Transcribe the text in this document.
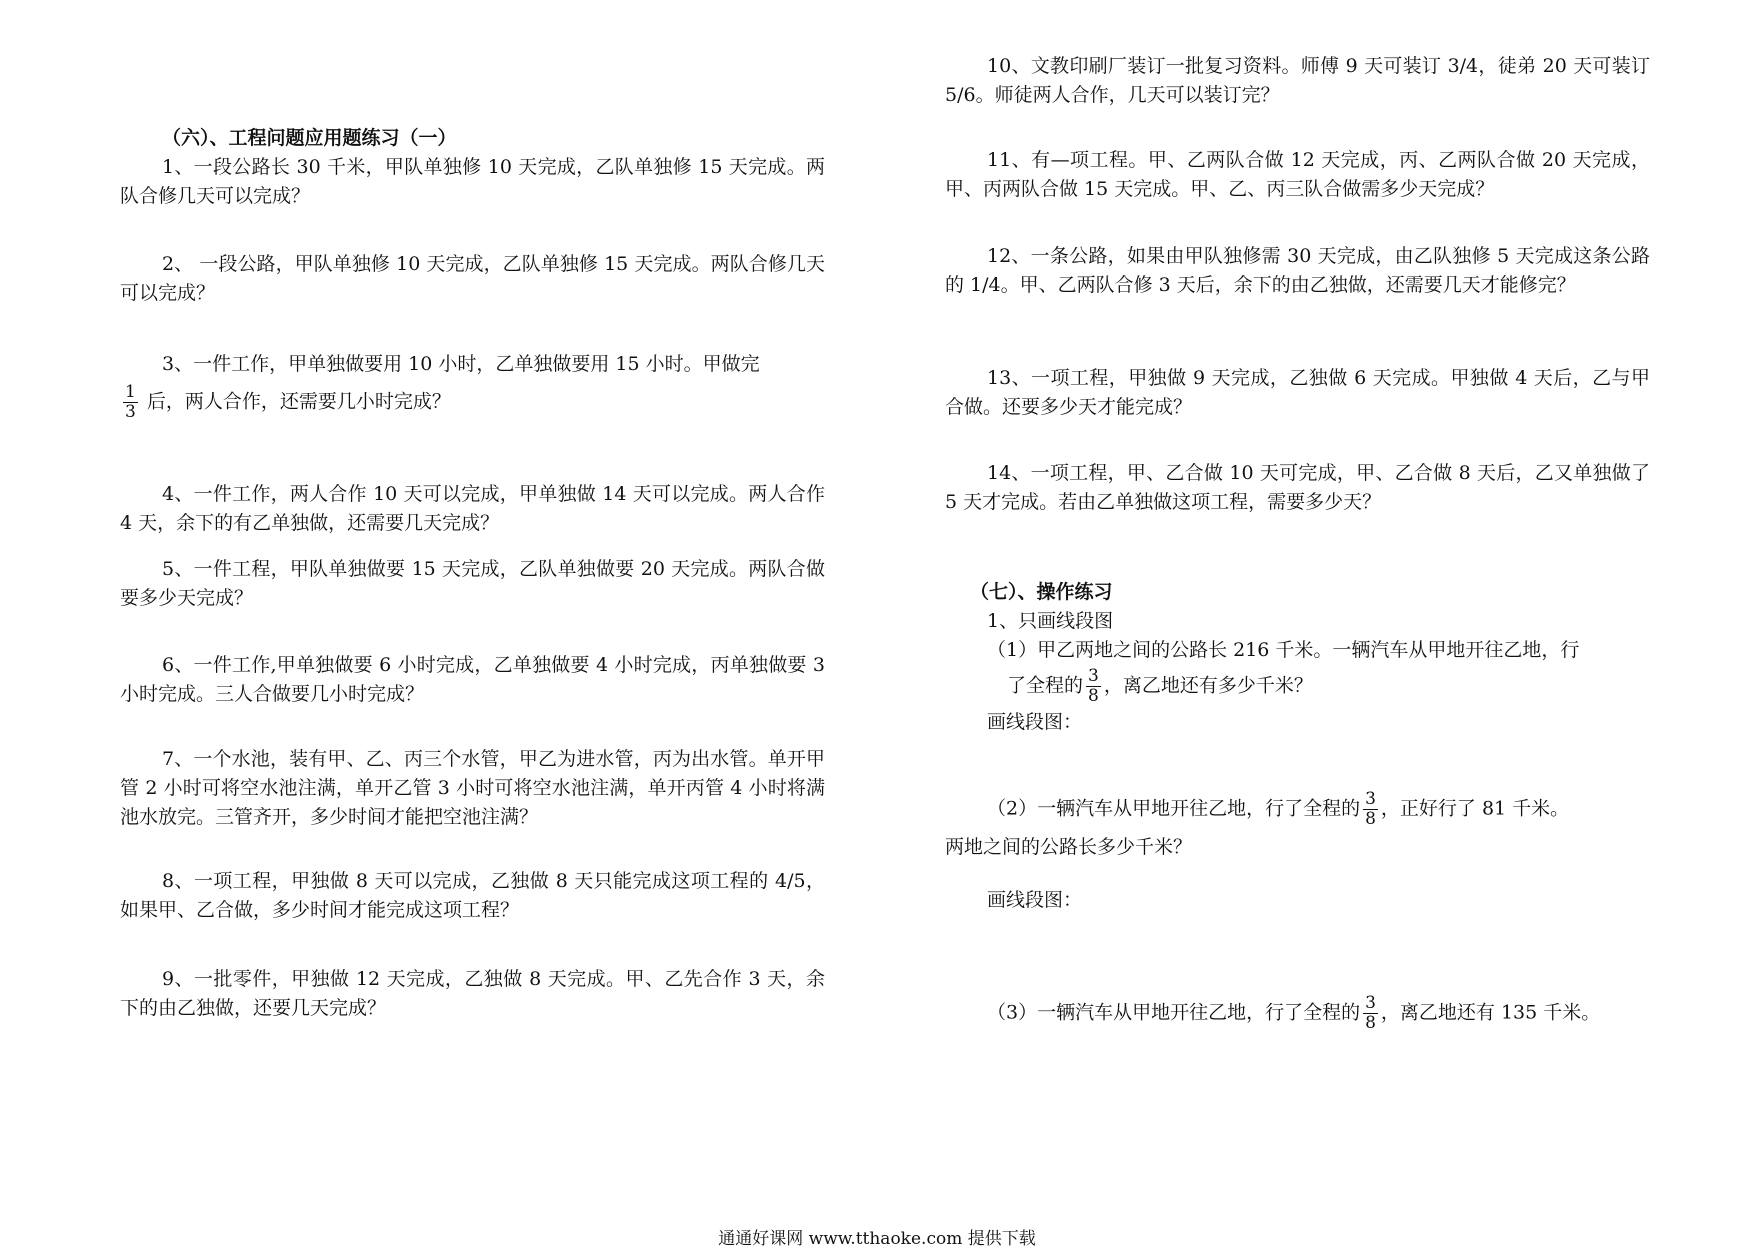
（六）、工程问题应用题练习（一）

1、一段公路长 30 千米，甲队单独修 10 天完成，乙队单独修 15 天完成。两队合修几天可以完成？

2、 一段公路，甲队单独修 10 天完成，乙队单独修 15 天完成。两队合修几天可以完成？

3、一件工作，甲单独做要用 10 小时，乙单独做要用 15 小时。甲做完

$\frac{1}{3}$ 后，两人合作，还需要几小时完成？

4、一件工作，两人合作 10 天可以完成，甲单独做 14 天可以完成。两人合作 4 天，余下的有乙单独做，还需要几天完成？

5、一件工程，甲队单独做要 15 天完成，乙队单独做要 20 天完成。两队合做要多少天完成？

6、一件工作,甲单独做要 6 小时完成，乙单独做要 4 小时完成，丙单独做要 3 小时完成。三人合做要几小时完成？

7、一个水池，装有甲、乙、丙三个水管，甲乙为进水管，丙为出水管。单开甲管 2 小时可将空水池注满，单开乙管 3 小时可将空水池注满，单开丙管 4 小时将满池水放完。三管齐开，多少时间才能把空池注满？

8、一项工程，甲独做 8 天可以完成，乙独做 8 天只能完成这项工程的 4/5，如果甲、乙合做，多少时间才能完成这项工程？

9、一批零件，甲独做 12 天完成，乙独做 8 天完成。甲、乙先合作 3 天，余下的由乙独做，还要几天完成？

10、文教印刷厂装订一批复习资料。师傅 9 天可装订 3/4，徒弟 20 天可装订 5/6。师徒两人合作，几天可以装订完？

11、有—项工程。甲、乙两队合做 12 天完成，丙、乙两队合做 20 天完成，甲、丙两队合做 15 天完成。甲、乙、丙三队合做需多少天完成？

12、一条公路，如果由甲队独修需 30 天完成，由乙队独修 5 天完成这条公路的 1/4。甲、乙两队合修 3 天后，余下的由乙独做，还需要几天才能修完？

13、一项工程，甲独做 9 天完成，乙独做 6 天完成。甲独做 4 天后，乙与甲合做。还要多少天才能完成？

14、一项工程，甲、乙合做 10 天可完成，甲、乙合做 8 天后，乙又单独做了 5 天才完成。若由乙单独做这项工程，需要多少天？

（七）、操作练习

1、只画线段图

（1）甲乙两地之间的公路长 216 千米。一辆汽车从甲地开往乙地，行

了全程的 $\frac{3}{8}$ ，离乙地还有多少千米？

画线段图：

（2）一辆汽车从甲地开往乙地，行了全程的 $\frac{3}{8}$ ，正好行了 81 千米。

两地之间的公路长多少千米？

画线段图：

（3）一辆汽车从甲地开往乙地，行了全程的 $\frac{3}{8}$ ，离乙地还有 135 千米。

通通好课网 www.tthaoke.com 提供下载
